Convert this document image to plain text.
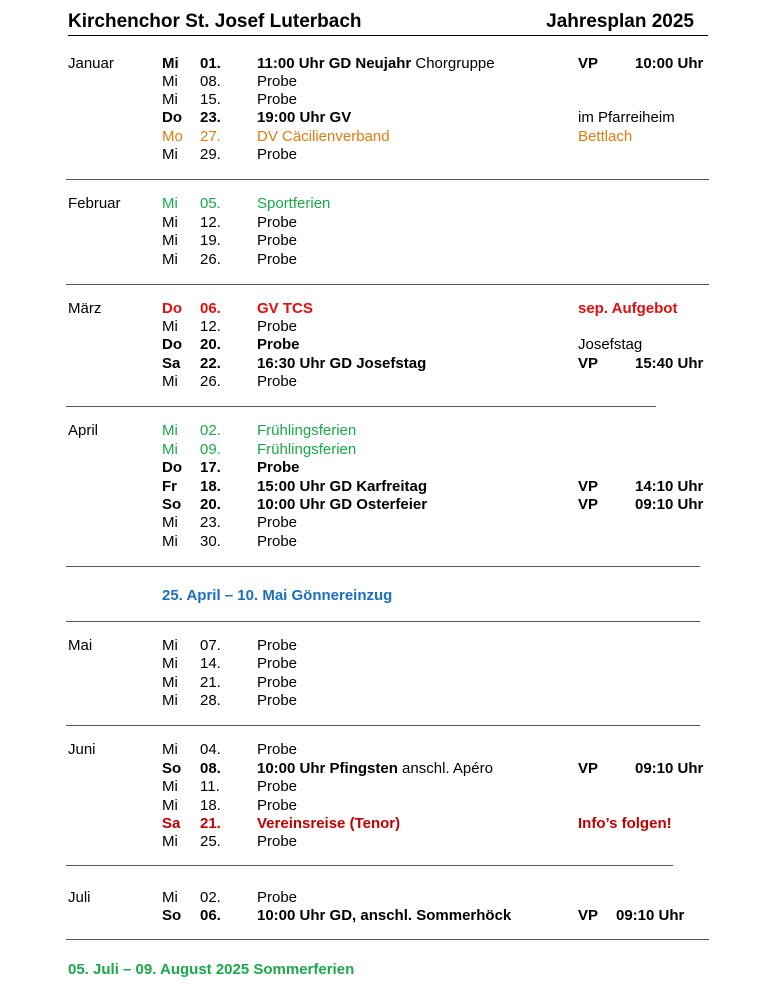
Kirchenchor St. Josef Luterbach	Jahresplan 2025
Januar	Mi 01. 11:00 Uhr GD Neujahr Chorgruppe	VP 10:00 Uhr
Mi 08. Probe
Mi 15. Probe
Do 23. 19:00 Uhr GV	im Pfarreiheim
Mo 27. DV Cäcilienverband	Bettlach
Mi 29. Probe
Februar	Mi 05. Sportferien
Mi 12. Probe
Mi 19. Probe
Mi 26. Probe
März	Do 06. GV TCS	sep. Aufgebot
Mi 12. Probe
Do 20. Probe	Josefstag
Sa 22. 16:30 Uhr GD Josefstag	VP 15:40 Uhr
Mi 26. Probe
April	Mi 02. Frühlingsferien
Mi 09. Frühlingsferien
Do 17. Probe
Fr 18. 15:00 Uhr GD Karfreitag	VP 14:10 Uhr
So 20. 10:00 Uhr GD Osterfeier	VP 09:10 Uhr
Mi 23. Probe
Mi 30. Probe
Mai	Mi 07. Probe
Mi 14. Probe
Mi 21. Probe
Mi 28. Probe
Juni	Mi 04. Probe
So 08. 10:00 Uhr Pfingsten anschl. Apéro	VP 09:10 Uhr
Mi 11. Probe
Mi 18. Probe
Sa 21. Vereinsreise (Tenor)	Info’s folgen!
Mi 25. Probe
Juli	Mi 02. Probe
So 06. 10:00 Uhr GD, anschl. Sommerhöck	VP 09:10 Uhr
25. April – 10. Mai Gönnereinzug
05. Juli – 09. August 2025 Sommerferien
